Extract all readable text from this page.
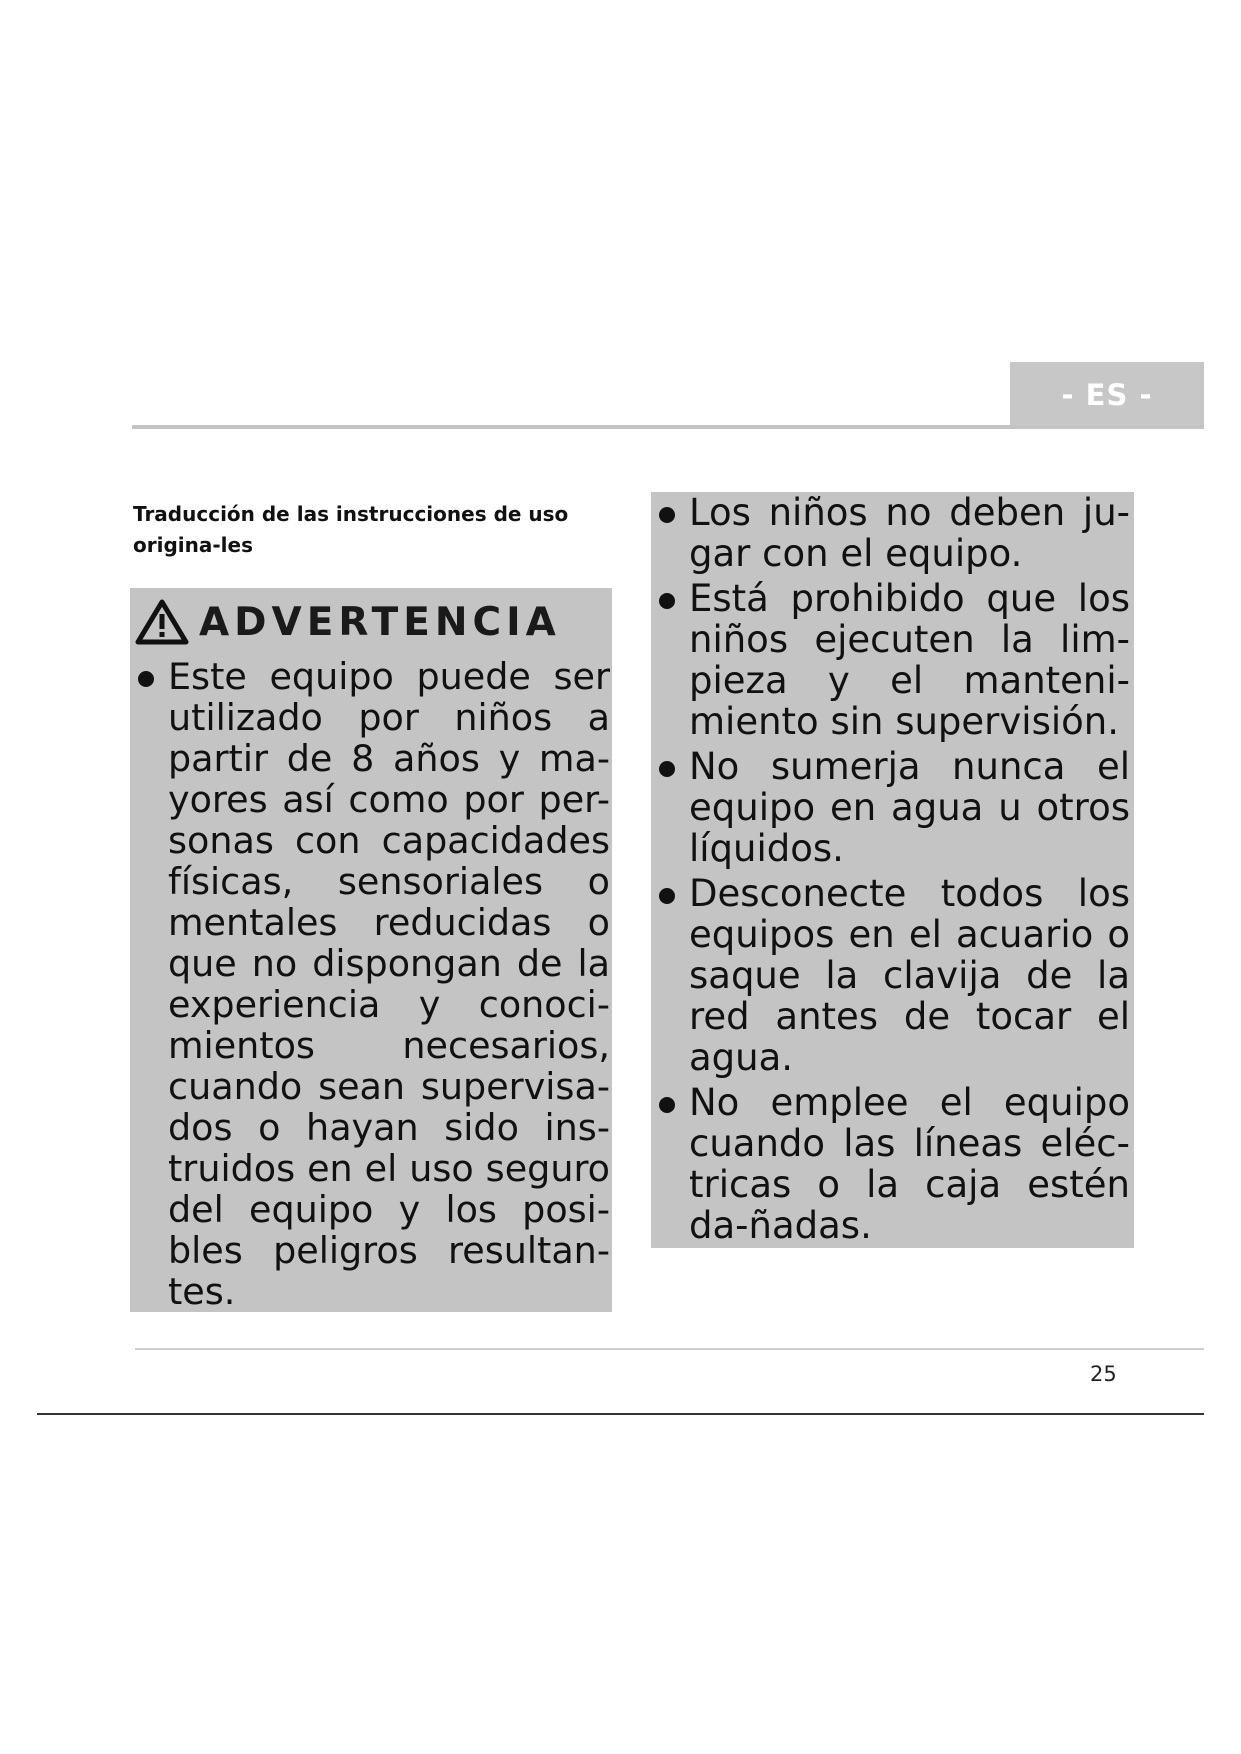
- ES -
Traducción de las instrucciones de uso origina-les
ADVERTENCIA
Este equipo puede ser utilizado por niños a partir de 8 años y ma-yores así como por per-sonas con capacidades físicas, sensoriales o mentales reducidas o que no dispongan de la experiencia y conoci-mientos necesarios, cuando sean supervisa-dos o hayan sido ins-truidos en el uso seguro del equipo y los posi-bles peligros resultan-tes.
Los niños no deben ju-gar con el equipo.
Está prohibido que los niños ejecuten la lim-pieza y el manteni-miento sin supervisión.
No sumerja nunca el equipo en agua u otros líquidos.
Desconecte todos los equipos en el acuario o saque la clavija de la red antes de tocar el agua.
No emplee el equipo cuando las líneas eléc-tricas o la caja estén da-ñadas.
25
